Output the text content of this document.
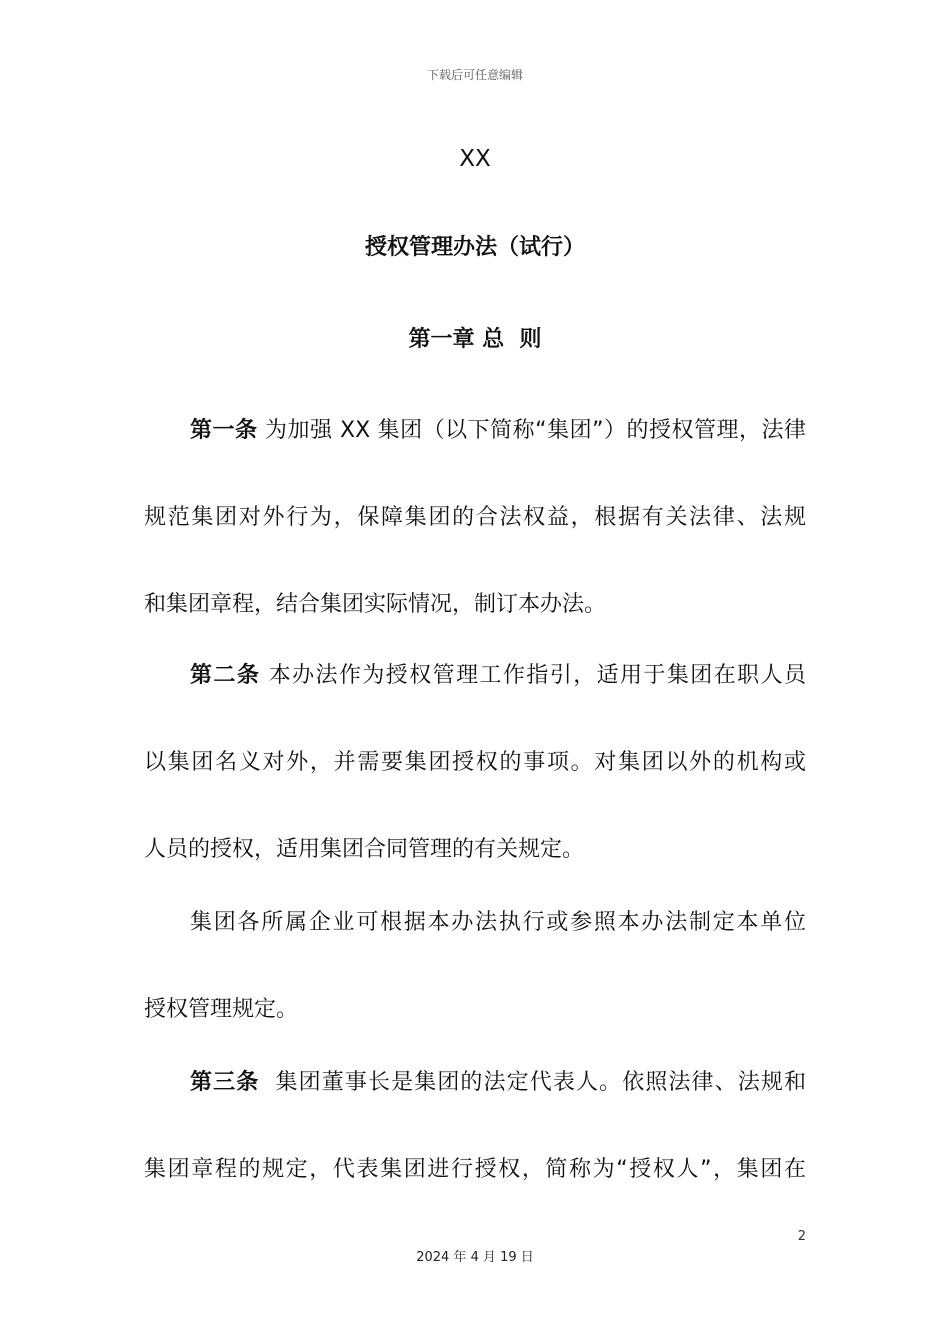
下载后可任意编辑
XX
授权管理办法（试行）
第一章 总  则
第一条 为加强 XX 集团（以下简称“集团”）的授权管理，法律
规范集团对外行为，保障集团的合法权益，根据有关法律、法规
和集团章程，结合集团实际情况，制订本办法。
第二条 本办法作为授权管理工作指引，适用于集团在职人员
以集团名义对外，并需要集团授权的事项。对集团以外的机构或
人员的授权，适用集团合同管理的有关规定。
集团各所属企业可根据本办法执行或参照本办法制定本单位
授权管理规定。
第三条  集团董事长是集团的法定代表人。依照法律、法规和
集团章程的规定，代表集团进行授权，简称为“授权人”，集团在
2
2024 年 4 月 19 日
